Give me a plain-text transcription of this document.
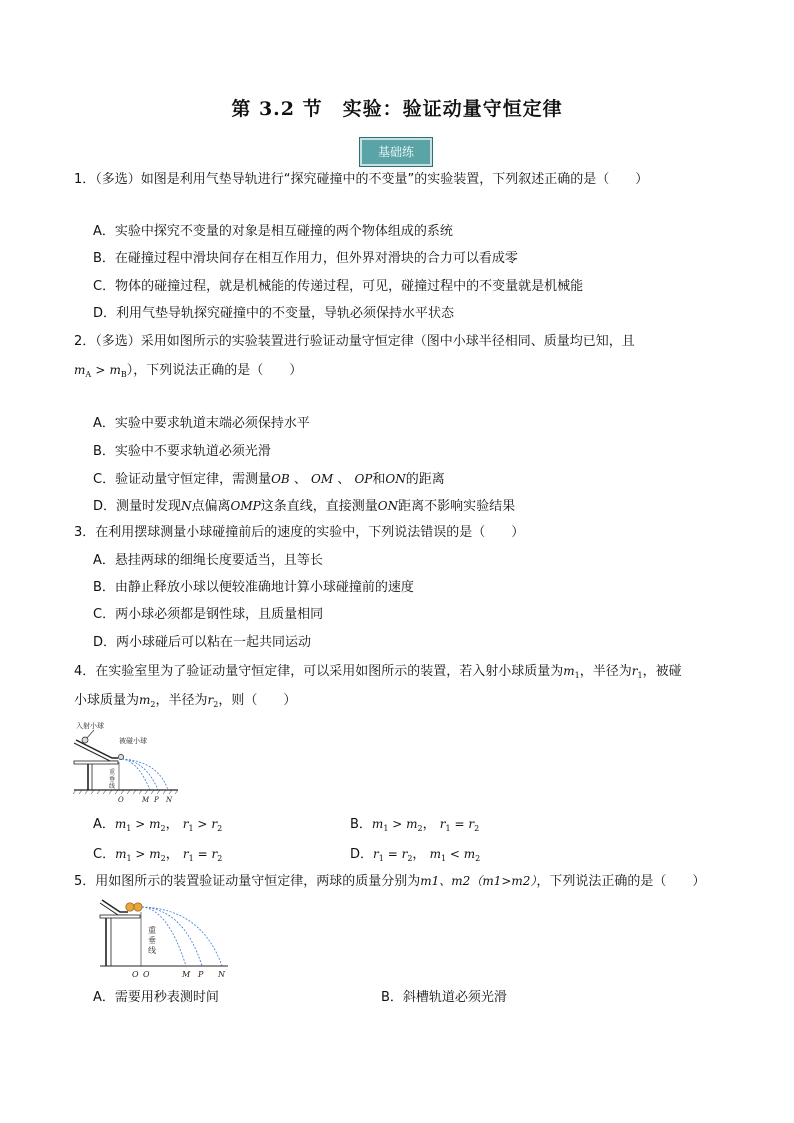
第 3.2 节　实验：验证动量守恒定律
基础练
1．（多选）如图是利用气垫导轨进行“探究碰撞中的不变量”的实验装置，下列叙述正确的是（　　）
A．实验中探究不变量的对象是相互碰撞的两个物体组成的系统
B．在碰撞过程中滑块间存在相互作用力，但外界对滑块的合力可以看成零
C．物体的碰撞过程，就是机械能的传递过程，可见，碰撞过程中的不变量就是机械能
D．利用气垫导轨探究碰撞中的不变量，导轨必须保持水平状态
2．（多选）采用如图所示的实验装置进行验证动量守恒定律（图中小球半径相同、质量均已知，且
$m_A > m_B$），下列说法正确的是（　　）
A．实验中要求轨道末端必须保持水平
B．实验中不要求轨道必须光滑
C．验证动量守恒定律，需测量OB 、 OM 、 OP和ON的距离
D．测量时发现N点偏离OMP这条直线，直接测量ON距离不影响实验结果
3．在利用摆球测量小球碰撞前后的速度的实验中，下列说法错误的是（　　）
A．悬挂两球的细绳长度要适当，且等长
B．由静止释放小球以便较准确地计算小球碰撞前的速度
C．两小球必须都是钢性球，且质量相同
D．两小球碰后可以粘在一起共同运动
4．在实验室里为了验证动量守恒定律，可以采用如图所示的装置，若入射小球质量为$m_1$，半径为$r_1$，被碰
小球质量为$m_2$，半径为$r_2$，则（　　）
入射小球
被碰小球
重
垂
线
O	M P N
A．$m_1 > m_2$， $r_1 > r_2$	B．$m_1 > m_2$， $r_1 = r_2$
C．$m_1 > m_2$， $r_1 = r_2$	D．$r_1 = r_2$， $m_1 < m_2$
5．用如图所示的装置验证动量守恒定律，两球的质量分别为m1、m2（m1>m2），下列说法正确的是（　　）
重
垂
线
O O	M P N
A．需要用秒表测时间	B．斜槽轨道必须光滑
